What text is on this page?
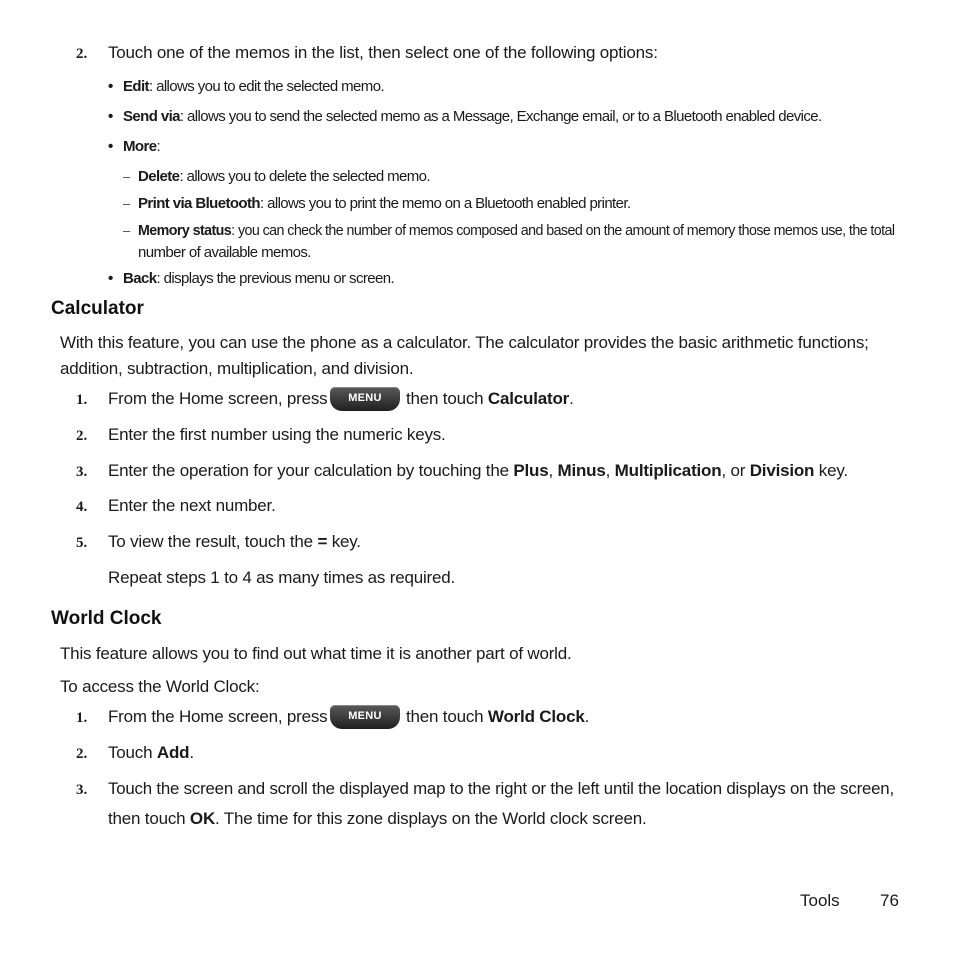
2. Touch one of the memos in the list, then select one of the following options:
• Edit: allows you to edit the selected memo.
• Send via: allows you to send the selected memo as a Message, Exchange email, or to a Bluetooth enabled device.
• More:
– Delete: allows you to delete the selected memo.
– Print via Bluetooth: allows you to print the memo on a Bluetooth enabled printer.
– Memory status: you can check the number of memos composed and based on the amount of memory those memos use, the total
number of available memos.
• Back: displays the previous menu or screen.
Calculator
With this feature, you can use the phone as a calculator. The calculator provides the basic arithmetic functions;
addition, subtraction, multiplication, and division.
1. From the Home screen, press	MENU	then touch Calculator.
2. Enter the first number using the numeric keys.
3. Enter the operation for your calculation by touching the Plus, Minus, Multiplication, or Division key.
4. Enter the next number.
5. To view the result, touch the = key.
Repeat steps 1 to 4 as many times as required.
World Clock
This feature allows you to find out what time it is another part of world.
To access the World Clock:
1. From the Home screen, press	MENU	then touch World Clock.
2. Touch Add.
3. Touch the screen and scroll the displayed map to the right or the left until the location displays on the screen,
then touch OK. The time for this zone displays on the World clock screen.
Tools 76
